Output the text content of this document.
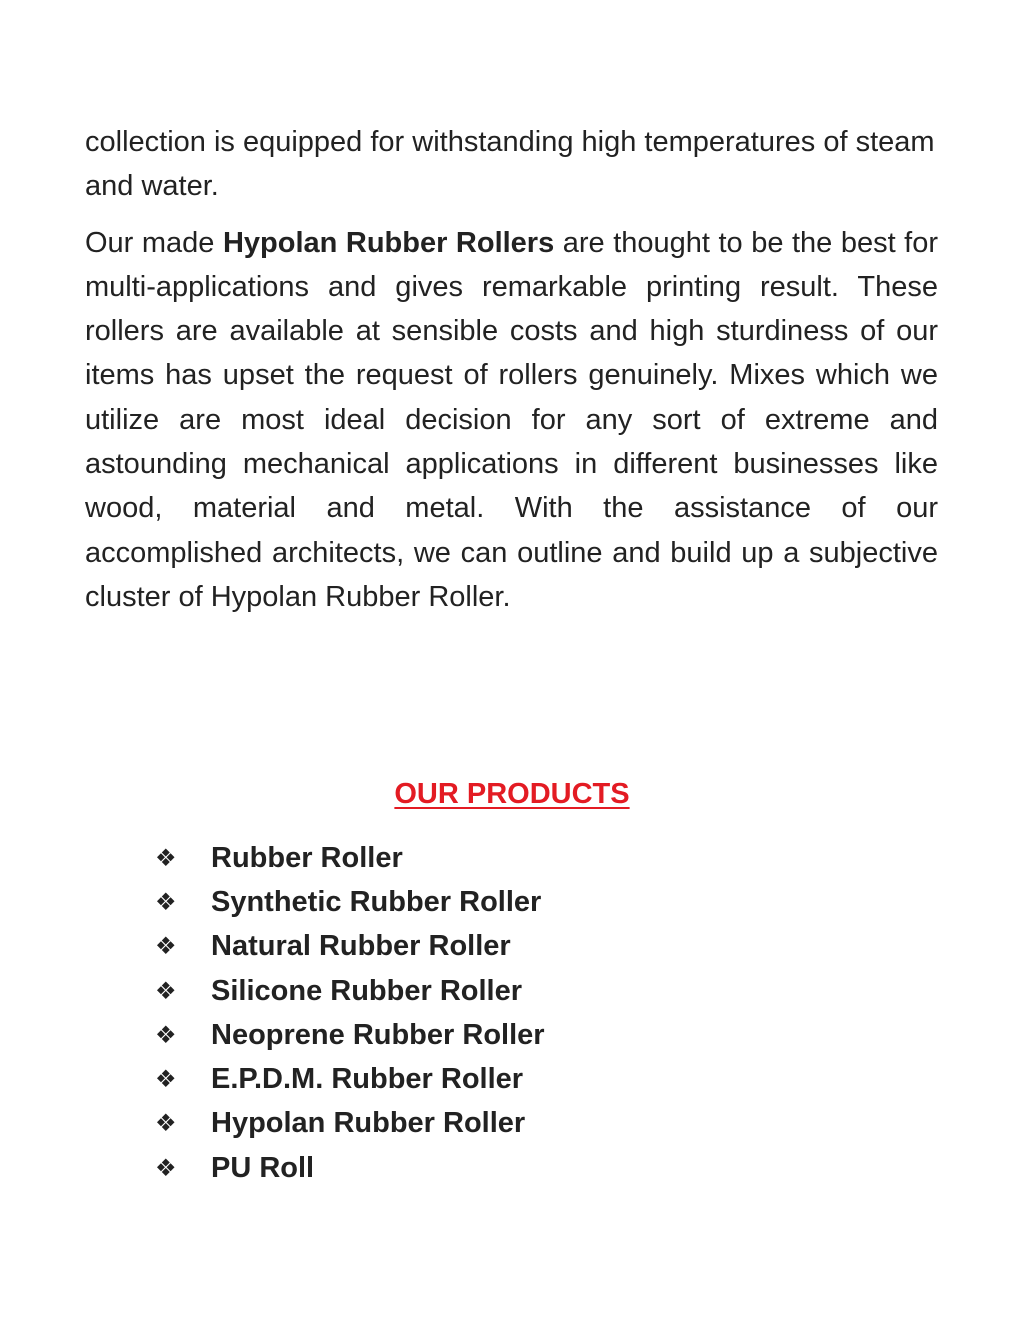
collection is equipped for withstanding high temperatures of steam and water.

Our made Hypolan Rubber Rollers are thought to be the best for multi-applications and gives remarkable printing result. These rollers are available at sensible costs and high sturdiness of our items has upset the request of rollers genuinely. Mixes which we utilize are most ideal decision for any sort of extreme and astounding mechanical applications in different businesses like wood, material and metal. With the assistance of our accomplished architects, we can outline and build up a subjective cluster of Hypolan Rubber Roller.

OUR PRODUCTS
❖	Rubber Roller
❖	Synthetic Rubber Roller
❖	Natural Rubber Roller
❖	Silicone Rubber Roller
❖	Neoprene Rubber Roller
❖	E.P.D.M. Rubber Roller
❖	Hypolan Rubber Roller
❖	PU Roll
